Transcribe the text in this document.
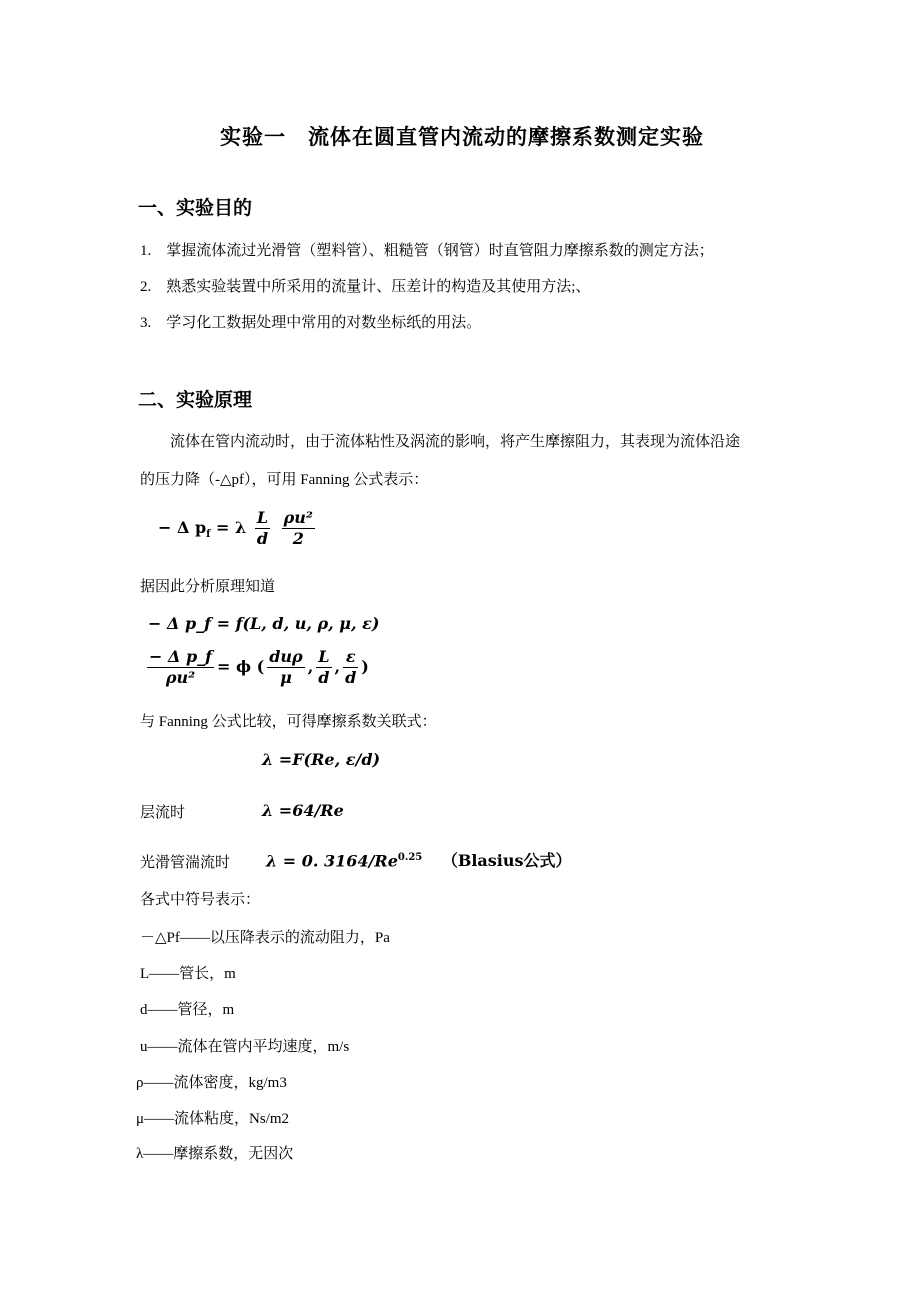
实验一　流体在圆直管内流动的摩擦系数测定实验
一、实验目的
1.　掌握流体流过光滑管（塑料管）、粗糙管（钢管）时直管阻力摩擦系数的测定方法；
2.　熟悉实验装置中所采用的流量计、压差计的构造及其使用方法;、
3.　学习化工数据处理中常用的对数坐标纸的用法。
二、实验原理
流体在管内流动时，由于流体粘性及涡流的影响，将产生摩擦阻力，其表现为流体沿途
的压力降（-△pf），可用 Fanning 公式表示：
− Δ $p_f = \lambda \frac{L}{d}$
$\frac{\text{ρu²}}{2}$
据因此分析原理知道
− Δ p_f = f(L, d, u, ρ, μ, ε)
$\frac{\text{− Δ p\_f}}{\text{ρu²}} = \phi$ ( $\frac{\text{duρ}}{\mu}$ , $\frac{L}{d}$ , $\frac{\varepsilon}{d}$ )
与 Fanning 公式比较，可得摩擦系数关联式：
λ =F(Re, ε/d)
层流时	λ =64/Re
光滑管湍流时 λ = 0. $3164/Re^{0.25}$ （Blasius公式）
各式中符号表示：
－△Pf——以压降表示的流动阻力，Pa
L——管长，m
d——管径，m
u——流体在管内平均速度，m/s
ρ——流体密度，kg/m3
μ——流体粘度，Ns/m2
λ——摩擦系数，无因次
